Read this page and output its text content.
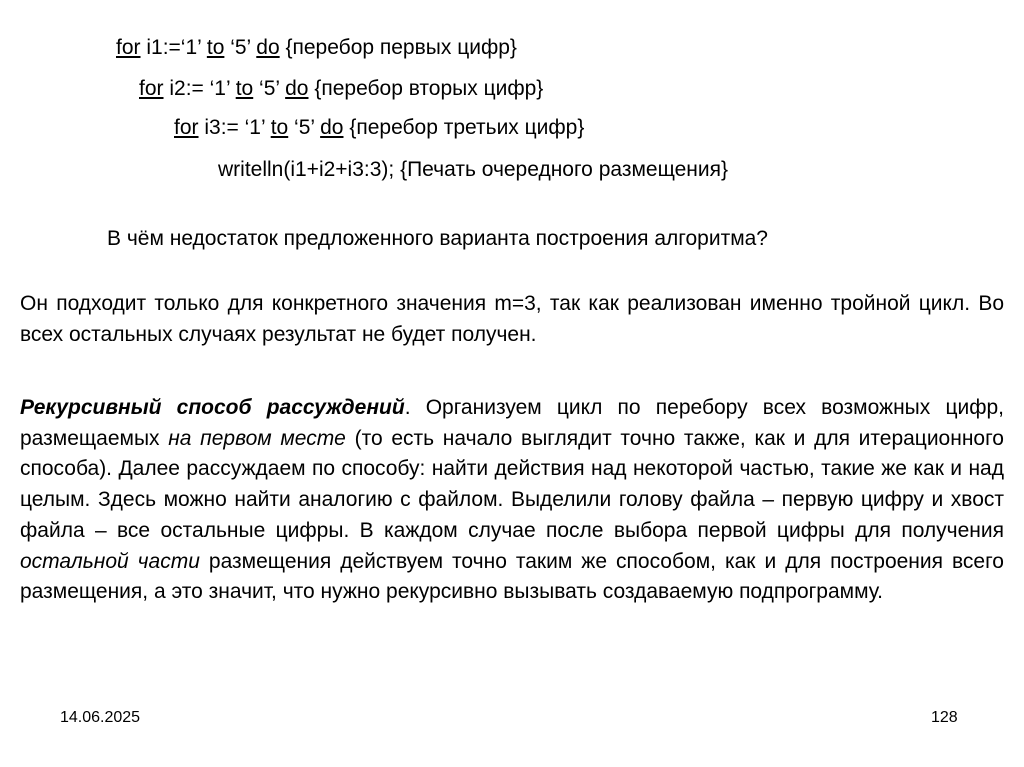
for i1:=‘1’ to ‘5’ do {перебор первых цифр}
for i2:= ‘1’ to ‘5’ do {перебор вторых цифр}
for i3:= ‘1’ to ‘5’ do {перебор третьих цифр}
writelln(i1+i2+i3:3); {Печать очередного размещения}
В чём недостаток предложенного варианта построения алгоритма?
Он подходит только для конкретного значения m=3, так как реализован именно тройной цикл. Во всех остальных случаях результат не будет получен.
Рекурсивный способ рассуждений. Организуем цикл по перебору всех возможных цифр, размещаемых на первом месте (то есть начало выглядит точно также, как и для итерационного способа). Далее рассуждаем по способу: найти действия над некоторой частью, такие же как и над целым. Здесь можно найти аналогию с файлом. Выделили голову файла – первую цифру и хвост файла – все остальные цифры. В каждом случае после выбора первой цифры для получения остальной части размещения действуем точно таким же способом, как и для построения всего размещения, а это значит, что нужно рекурсивно вызывать создаваемую подпрограмму.
14.06.2025	128
